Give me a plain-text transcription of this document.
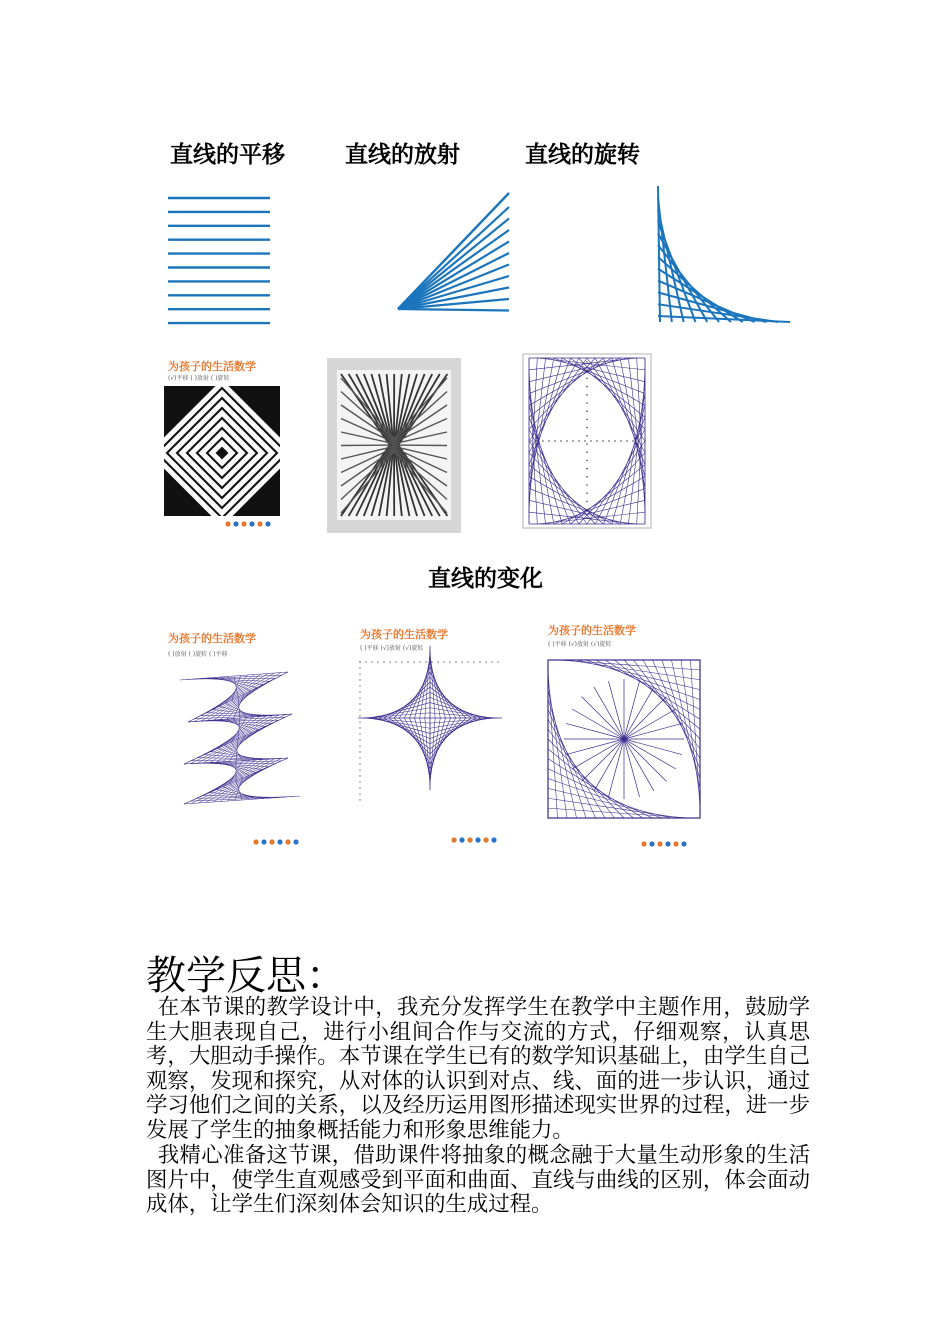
直线的平移	直线的放射	直线的旋转
为孩子的生活数学
(√)平移 ( )放射 ( )旋转
直线的变化
为孩子的生活数学
( )放射 ( )旋转 ( )平移
为孩子的生活数学
( )平移 (√)放射 (√)旋转
为孩子的生活数学
( )平移 (√)放射 (√)旋转
教学反思：
在本节课的教学设计中，我充分发挥学生在教学中主题作用，鼓励学生大胆表现自己，进行小组间合作与交流的方式，仔细观察，认真思考，大胆动手操作。本节课在学生已有的数学知识基础上，由学生自己观察，发现和探究，从对体的认识到对点、线、面的进一步认识，通过学习他们之间的关系，以及经历运用图形描述现实世界的过程，进一步发展了学生的抽象概括能力和形象思维能力。
我精心准备这节课，借助课件将抽象的概念融于大量生动形象的生活图片中，使学生直观感受到平面和曲面、直线与曲线的区别，体会面动成体，让学生们深刻体会知识的生成过程。
